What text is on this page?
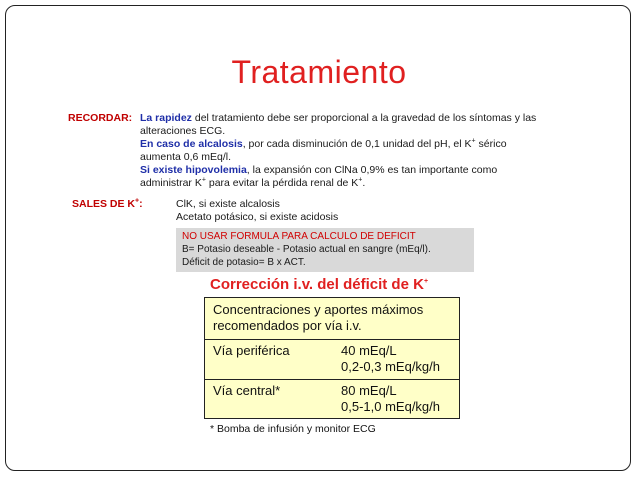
Tratamiento
RECORDAR: La rapidez del tratamiento debe ser proporcional a la gravedad de los síntomas y las
alteraciones ECG.
En caso de alcalosis, por cada disminución de 0,1 unidad del pH, el K+ sérico
aumenta 0,6 mEq/l.
Si existe hipovolemia, la expansión con ClNa 0,9% es tan importante como
administrar K+ para evitar la pérdida renal de K+.
SALES DE K+:	ClK, si existe alcalosis
Acetato potásico, si existe acidosis
NO USAR FORMULA PARA CALCULO DE DEFICIT
B= Potasio deseable - Potasio actual en sangre (mEq/l).
Déficit de potasio= B x ACT.
Corrección i.v. del déficit de K+
Concentraciones y aportes máximos
recomendados por vía i.v.
Vía periférica	40 mEq/L
0,2-0,3 mEq/kg/h
Vía central*	80 mEq/L
0,5-1,0 mEq/kg/h
* Bomba de infusión y monitor ECG
